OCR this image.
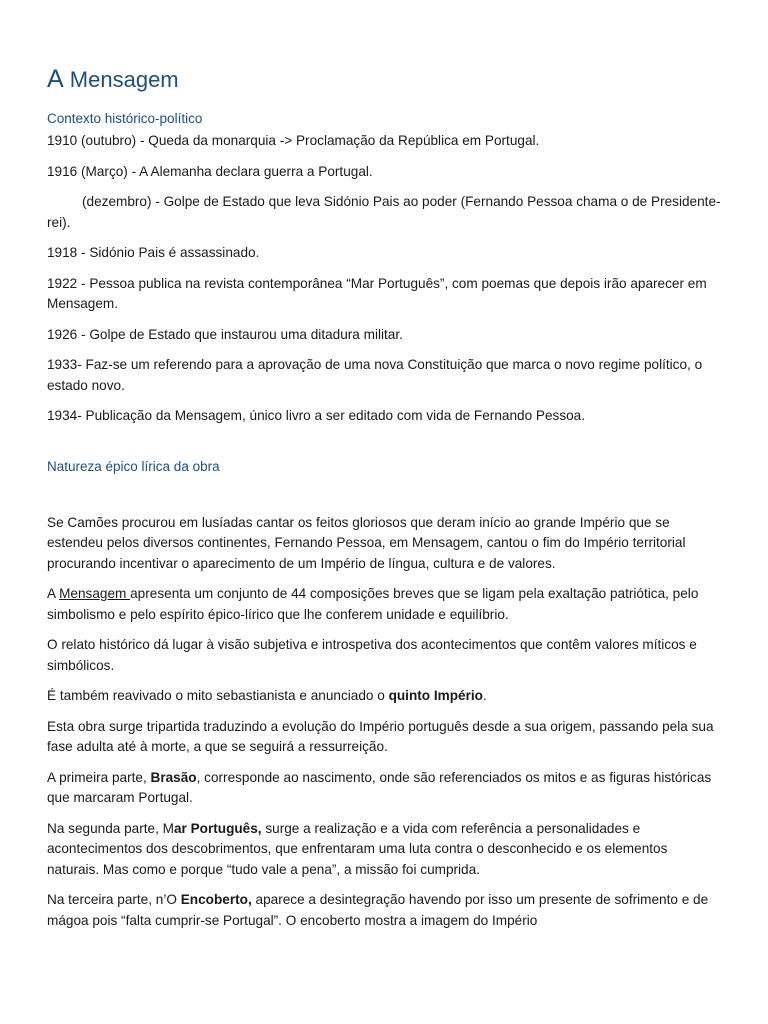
A Mensagem
Contexto histórico-político

1910 (outubro) - Queda da monarquia -> Proclamação da República em Portugal.

1916 (Março) - A Alemanha declara guerra a Portugal.

(dezembro) - Golpe de Estado que leva Sidónio Pais ao poder (Fernando Pessoa chama o de Presidente-rei).

1918 - Sidónio Pais é assassinado.

1922 - Pessoa publica na revista contemporânea “Mar Português”, com poemas que depois irão aparecer em Mensagem.

1926 - Golpe de Estado que instaurou uma ditadura militar.

1933- Faz-se um referendo para a aprovação de uma nova Constituição que marca o novo regime político, o estado novo.

1934- Publicação da Mensagem, único livro a ser editado com vida de Fernando Pessoa.

Natureza épico lírica da obra

Se Camões procurou em lusíadas cantar os feitos gloriosos que deram início ao grande Império que se estendeu pelos diversos continentes, Fernando Pessoa, em Mensagem, cantou o fim do Império territorial procurando incentivar o aparecimento de um Império de língua, cultura e de valores.

A Mensagem apresenta um conjunto de 44 composições breves que se ligam pela exaltação patriótica, pelo simbolismo e pelo espírito épico-lírico que lhe conferem unidade e equilíbrio.

O relato histórico dá lugar à visão subjetiva e introspetiva dos acontecimentos que contêm valores míticos e simbólicos.

É também reavivado o mito sebastianista e anunciado o quinto Império.

Esta obra surge tripartida traduzindo a evolução do Império português desde a sua origem, passando pela sua fase adulta até à morte, a que se seguirá a ressurreição.

A primeira parte, Brasão, corresponde ao nascimento, onde são referenciados os mitos e as figuras históricas que marcaram Portugal.

Na segunda parte, Mar Português, surge a realização e a vida com referência a personalidades e acontecimentos dos descobrimentos, que enfrentaram uma luta contra o desconhecido e os elementos naturais. Mas como e porque “tudo vale a pena”, a missão foi cumprida.

Na terceira parte, n’O Encoberto, aparece a desintegração havendo por isso um presente de sofrimento e de mágoa pois “falta cumprir-se Portugal”. O encoberto mostra a imagem do Império
